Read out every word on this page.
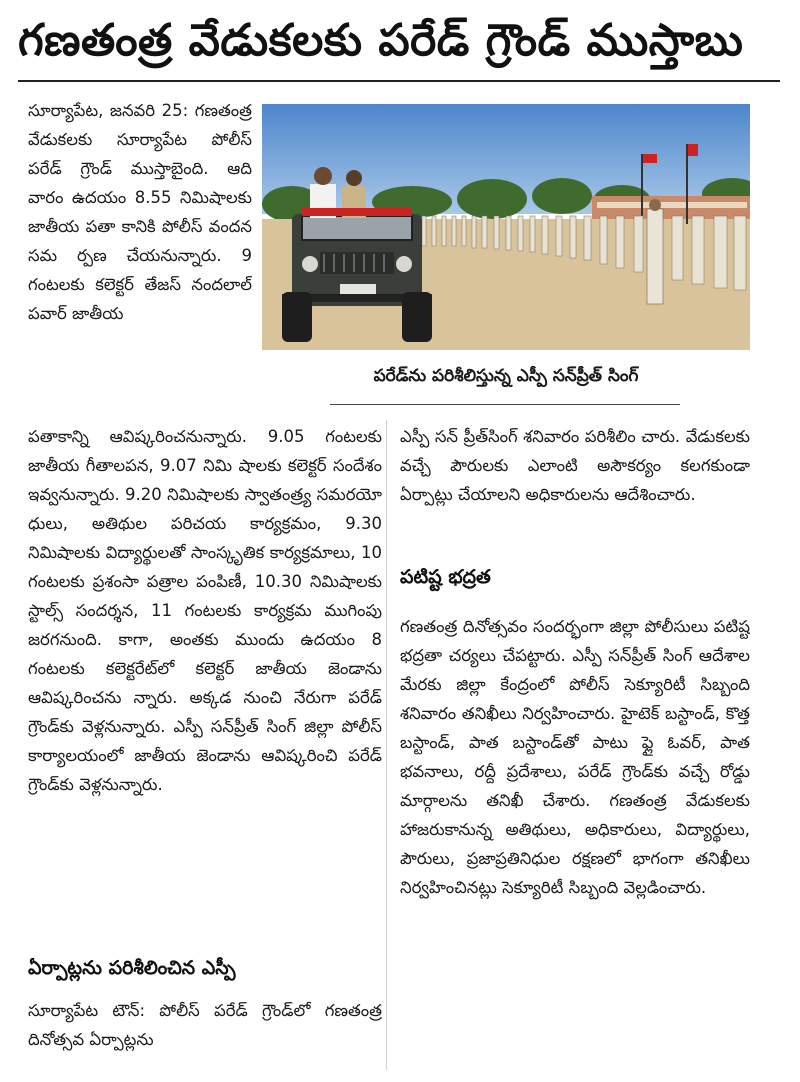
గణతంత్ర వేడుకలకు పరేడ్ గ్రౌండ్ ముస్తాబు
సూర్యాపేట, జనవరి 25: గణతంత్ర వేడుకలకు సూర్యాపేట పోలీస్ పరేడ్ గ్రౌండ్ ముస్తాబైంది. ఆది వారం ఉదయం 8.55 నిమిషాలకు జాతీయ పతా కానికి పోలీస్ వందన సమ ర్పణ చేయనున్నారు. 9 గంటలకు కలెక్టర్ తేజస్ నందలాల్ పవార్ జాతీయ
పరేడ్‌ను పరిశీలిస్తున్న ఎస్పీ సన్‌ప్రీత్ సింగ్
పతాకాన్ని ఆవిష్కరించనున్నారు. 9.05 గంటలకు జాతీయ గీతాలపన, 9.07 నిమి షాలకు కలెక్టర్ సందేశం ఇవ్వనున్నారు. 9.20 నిమిషాలకు స్వాతంత్ర్య సమరయో ధులు, అతిథుల పరిచయ కార్యక్రమం, 9.30 నిమిషాలకు విద్యార్థులతో సాంస్కృతిక కార్యక్రమాలు, 10 గంటలకు ప్రశంసా పత్రాల పంపిణీ, 10.30 నిమిషాలకు స్టాల్స్ సందర్శన, 11 గంటలకు కార్యక్రమ ముగింపు జరగనుంది. కాగా, అంతకు ముందు ఉదయం 8 గంటలకు కలెక్టరేట్‌లో కలెక్టర్ జాతీయ జెండాను ఆవిష్కరించను న్నారు. అక్కడ నుంచి నేరుగా పరేడ్ గ్రౌండ్‌కు వెళ్లనున్నారు. ఎస్పీ సన్‌ప్రీత్ సింగ్ జిల్లా పోలీస్ కార్యాలయంలో జాతీయ జెండాను ఆవిష్కరించి పరేడ్ గ్రౌండ్‌కు వెళ్లనున్నారు.
ఏర్పాట్లను పరిశీలించిన ఎస్పీ
సూర్యాపేట టౌన్: పోలీస్ పరేడ్ గ్రౌండ్‌లో గణతంత్ర దినోత్సవ ఏర్పాట్లను
ఎస్పీ సన్ ప్రీత్‌సింగ్ శనివారం పరిశీలిం చారు. వేడుకలకు వచ్చే పౌరులకు ఎలాంటి అసౌకర్యం కలగకుండా ఏర్పాట్లు చేయాలని అధికారులను ఆదేశించారు.
పటిష్ట భద్రత
గణతంత్ర దినోత్సవం సందర్భంగా జిల్లా పోలీసులు పటిష్ట భద్రతా చర్యలు చేపట్టారు. ఎస్పీ సన్‌ప్రీత్ సింగ్ ఆదేశాల మేరకు జిల్లా కేంద్రంలో పోలీస్ సెక్యూరిటీ సిబ్బంది శనివారం తనిఖీలు నిర్వహించారు. హైటెక్ బస్టాండ్, కొత్త బస్టాండ్, పాత బస్టాండ్‌తో పాటు ఫ్లై ఓవర్, పాత భవనాలు, రద్దీ ప్రదేశాలు, పరేడ్ గ్రౌండ్‌కు వచ్చే రోడ్డు మార్గాలను తనిఖీ చేశారు. గణతంత్ర వేడుకలకు హాజరుకానున్న అతిథులు, అధికారులు, విద్యార్థులు, పౌరులు, ప్రజాప్రతినిధుల రక్షణలో భాగంగా తనిఖీలు నిర్వహించినట్లు సెక్యూరిటీ సిబ్బంది వెల్లడించారు.
